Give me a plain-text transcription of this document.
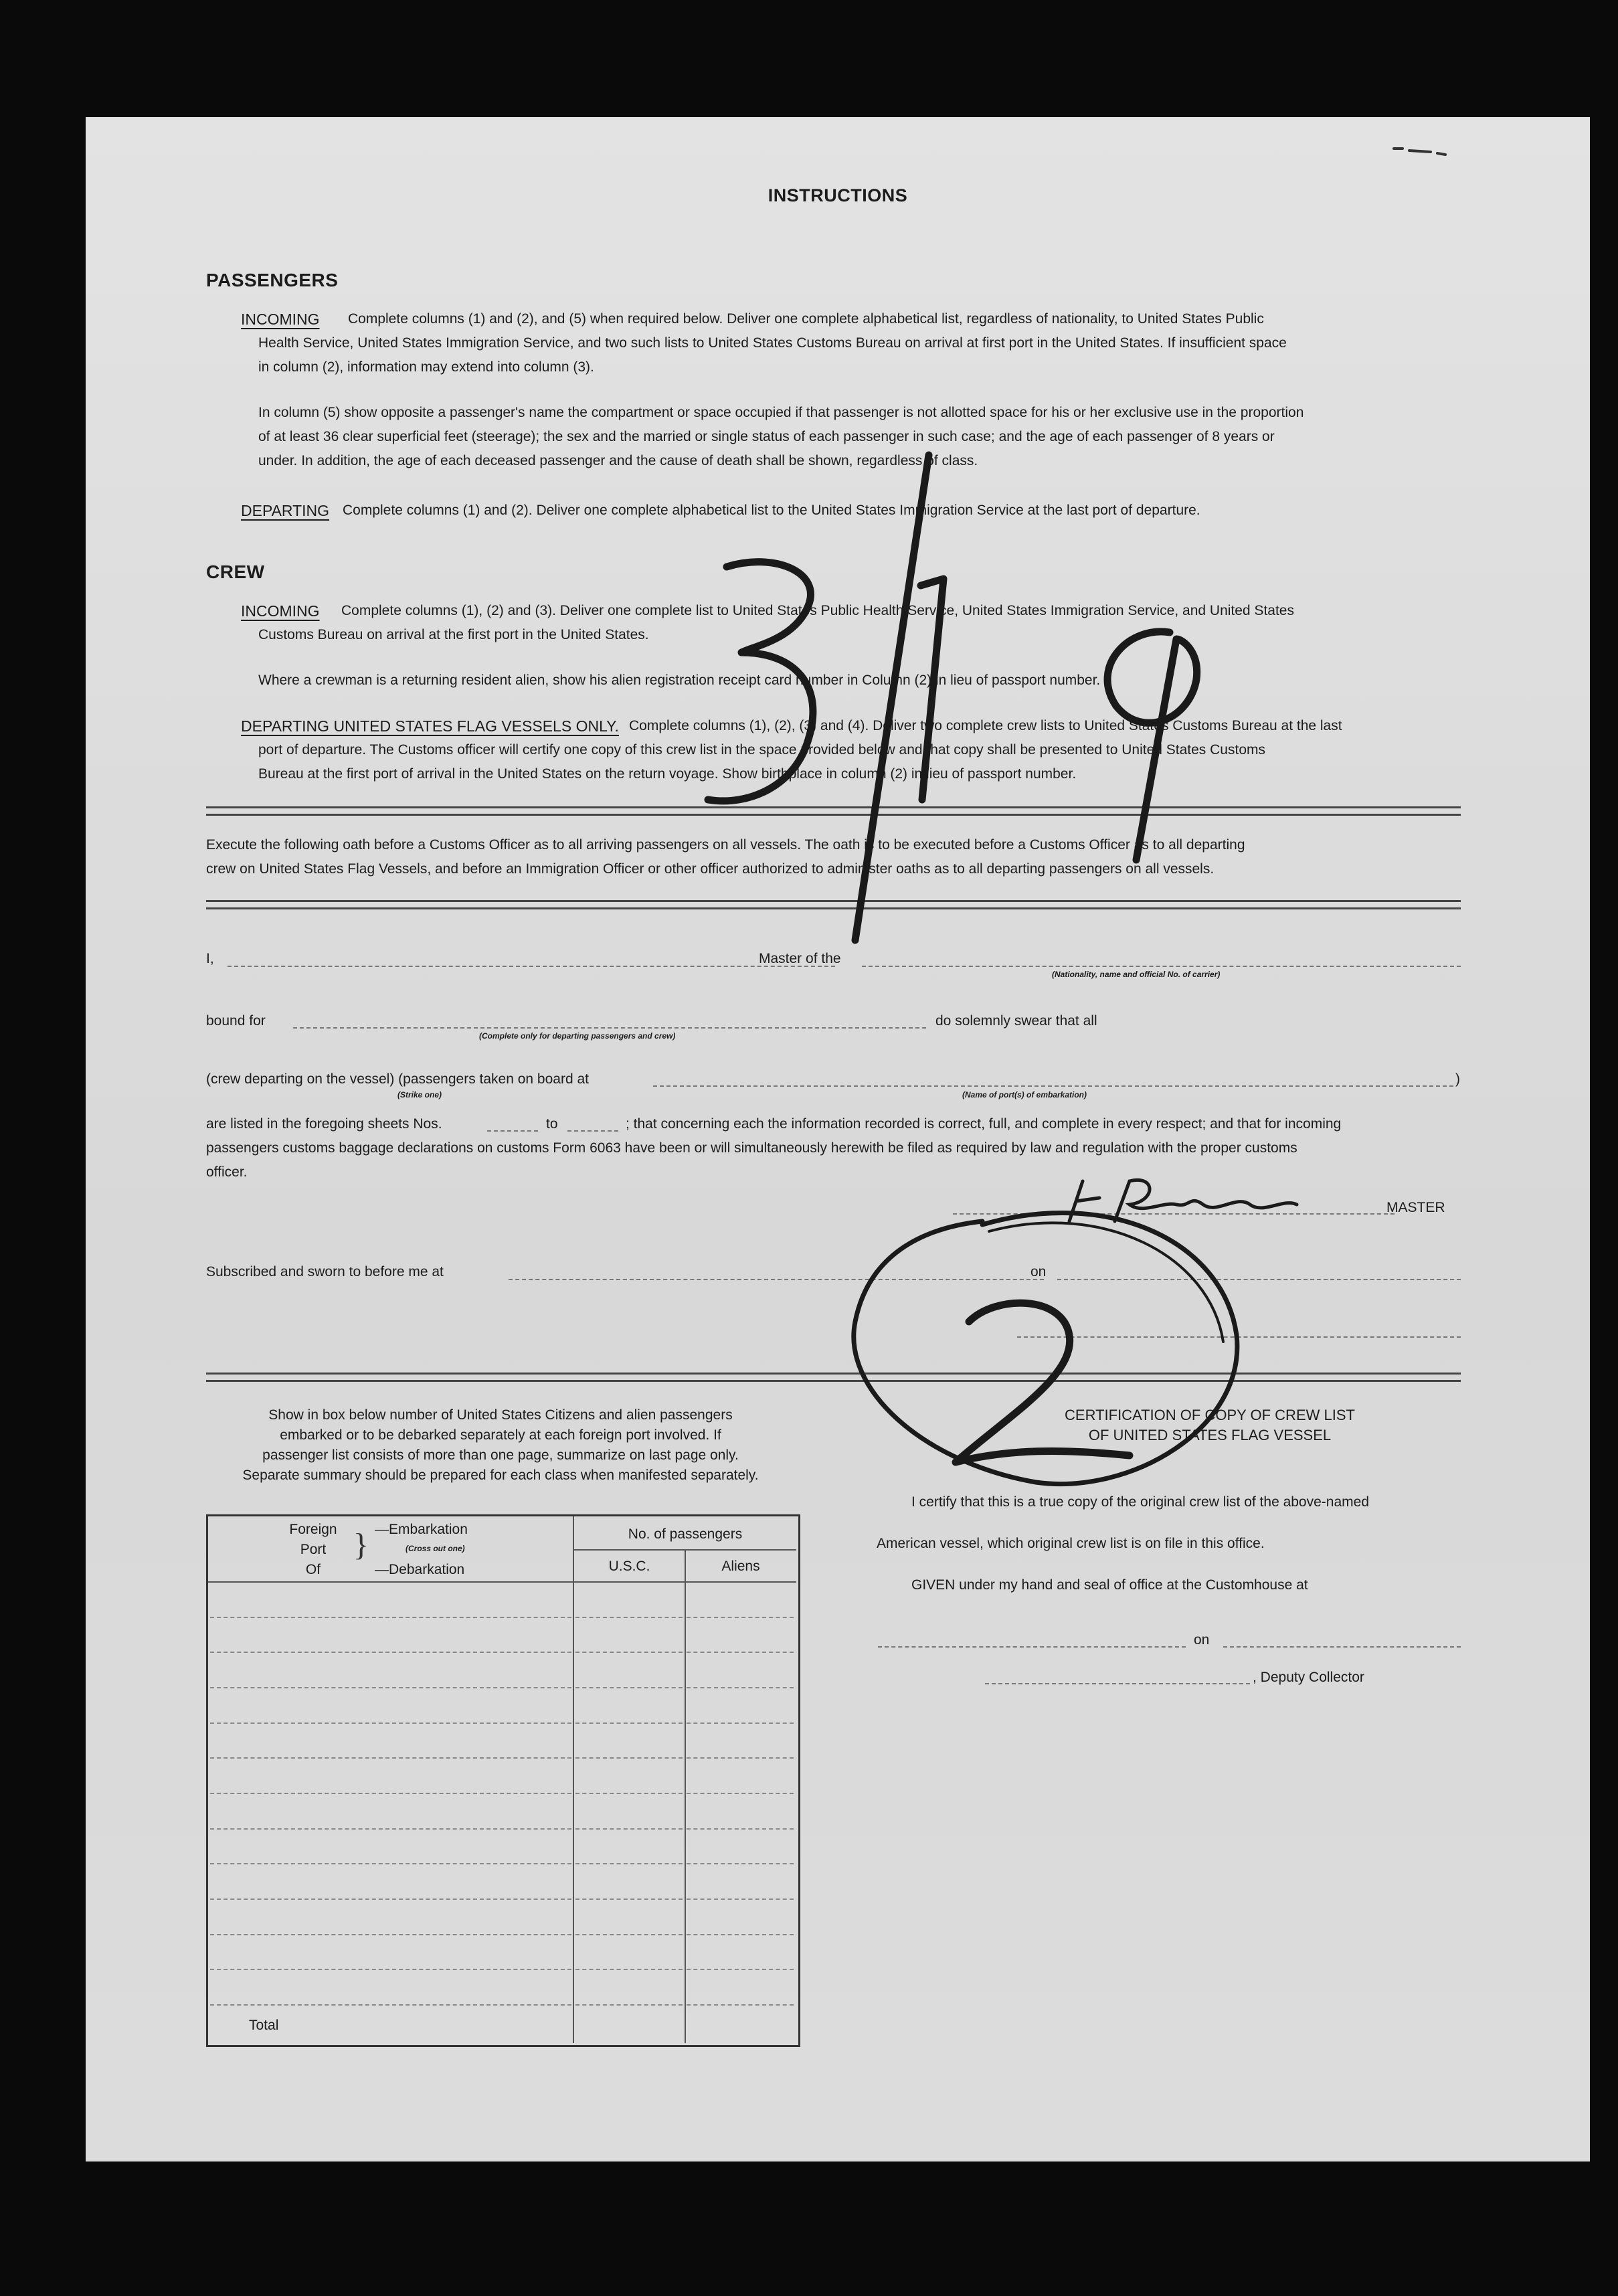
INSTRUCTIONS
PASSENGERS
INCOMING Complete columns (1) and (2), and (5) when required below. Deliver one complete alphabetical list, regardless of nationality, to United States Public
Health Service, United States Immigration Service, and two such lists to United States Customs Bureau on arrival at first port in the United States. If insufficient space
in column (2), information may extend into column (3).
In column (5) show opposite a passenger's name the compartment or space occupied if that passenger is not allotted space for his or her exclusive use in the proportion
of at least 36 clear superficial feet (steerage); the sex and the married or single status of each passenger in such case; and the age of each passenger of 8 years or
under. In addition, the age of each deceased passenger and the cause of death shall be shown, regardless of class.
DEPARTING Complete columns (1) and (2). Deliver one complete alphabetical list to the United States Immigration Service at the last port of departure.
CREW
INCOMING Complete columns (1), (2) and (3). Deliver one complete list to United States Public Health Service, United States Immigration Service, and United States
Customs Bureau on arrival at the first port in the United States.
Where a crewman is a returning resident alien, show his alien registration receipt card number in Column (2) in lieu of passport number.
DEPARTING UNITED STATES FLAG VESSELS ONLY. Complete columns (1), (2), (3) and (4). Deliver two complete crew lists to United States Customs Bureau at the last
port of departure. The Customs officer will certify one copy of this crew list in the space provided below and that copy shall be presented to United States Customs
Bureau at the first port of arrival in the United States on the return voyage. Show birthplace in column (2) in lieu of passport number.
Execute the following oath before a Customs Officer as to all arriving passengers on all vessels. The oath is to be executed before a Customs Officer as to all departing
crew on United States Flag Vessels, and before an Immigration Officer or other officer authorized to administer oaths as to all departing passengers on all vessels.
I,	Master of the
(Nationality, name and official No. of carrier)
bound for
(Complete only for departing passengers and crew)
do solemnly swear that all
(crew departing on the vessel) (passengers taken on board at
(Strike one)	(Name of port(s) of embarkation)
)
are listed in the foregoing sheets Nos.	to	; that concerning each the information recorded is correct, full, and complete in every respect; and that for incoming
passengers customs baggage declarations on customs Form 6063 have been or will simultaneously herewith be filed as required by law and regulation with the proper customs
officer.
MASTER
Subscribed and sworn to before me at	on
Show in box below number of United States Citizens and alien passengers
embarked or to be debarked separately at each foreign port involved. If
passenger list consists of more than one page, summarize on last page only.
Separate summary should be prepared for each class when manifested separately.
Foreign
Port
Of
} —Embarkation
(Cross out one)
—Debarkation
No. of passengers
U.S.C.	Aliens
Total
CERTIFICATION OF COPY OF CREW LIST
OF UNITED STATES FLAG VESSEL
I certify that this is a true copy of the original crew list of the above-named
American vessel, which original crew list is on file in this office.
GIVEN under my hand and seal of office at the Customhouse at
on
, Deputy Collector
